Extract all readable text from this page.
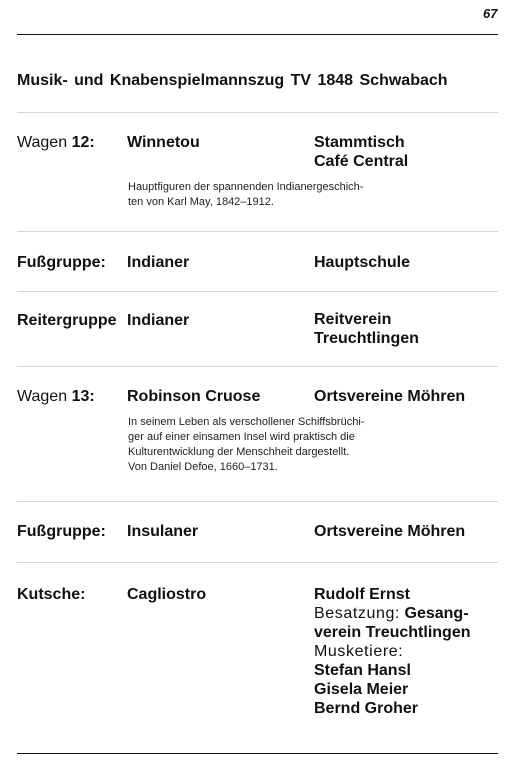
67
Musik- und Knabenspielmannszug TV 1848 Schwabach
Wagen 12: Winnetou	Stammtisch
Café Central
Hauptfiguren der spannenden Indianergeschich-
ten von Karl May, 1842–1912.
Fußgruppe: Indianer	Hauptschule
Reitergruppe Indianer	Reitverein
Treuchtlingen
Wagen 13: Robinson Cruose	Ortsvereine Möhren
In seinem Leben als verschollener Schiffsbrüchi-
ger auf einer einsamen Insel wird praktisch die
Kulturentwicklung der Menschheit dargestellt.
Von Daniel Defoe, 1660–1731.
Fußgruppe: Insulaner	Ortsvereine Möhren
Kutsche:	Cagliostro	Rudolf Ernst
Besatzung: Gesang-
verein Treuchtlingen
Musketiere:
Stefan Hansl
Gisela Meier
Bernd Groher
